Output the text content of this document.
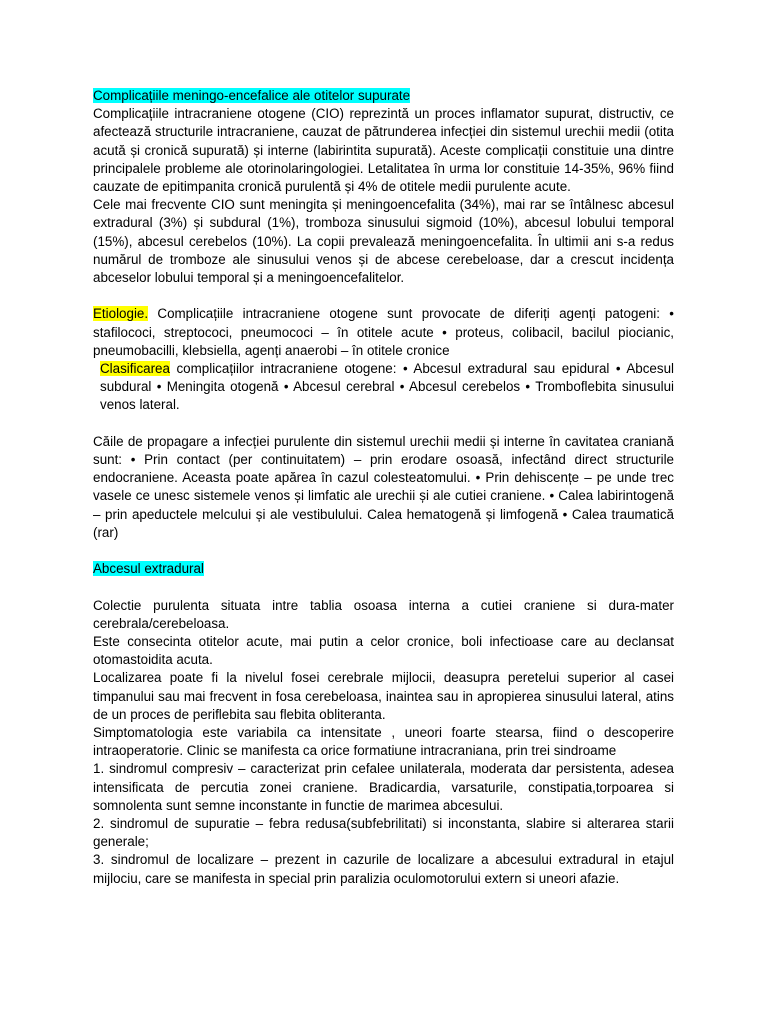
Complicațiile meningo-encefalice ale otitelor supurate

Complicațiile intracraniene otogene (CIO) reprezintă un proces inflamator supurat, distructiv, ce afectează structurile intracraniene, cauzat de pătrunderea infecției din sistemul urechii medii (otita acută și cronică supurată) și interne (labirintita supurată). Aceste complicații constituie una dintre principalele probleme ale otorinolaringologiei. Letalitatea în urma lor constituie 14-35%, 96% fiind cauzate de epitimpanita cronică purulentă și 4% de otitele medii purulente acute.

Cele mai frecvente CIO sunt meningita și meningoencefalita (34%), mai rar se întâlnesc abcesul extradural (3%) și subdural (1%), tromboza sinusului sigmoid (10%), abcesul lobului temporal (15%), abcesul cerebelos (10%). La copii prevalează meningoencefalita. În ultimii ani s-a redus numărul de tromboze ale sinusului venos și de abcese cerebeloase, dar a crescut incidența abceselor lobului temporal și a meningoencefalitelor.

Etiologie. Complicațiile intracraniene otogene sunt provocate de diferiți agenți patogeni: • stafilococi, streptococi, pneumococi – în otitele acute • proteus, colibacil, bacilul piocianic, pneumobacilli, klebsiella, agenți anaerobi – în otitele cronice

Clasificarea complicațiilor intracraniene otogene: • Abcesul extradural sau epidural • Abcesul subdural • Meningita otogenă • Abcesul cerebral • Abcesul cerebelos • Tromboflebita sinusului venos lateral.

Căile de propagare a infecției purulente din sistemul urechii medii și interne în cavitatea craniană sunt: • Prin contact (per continuitatem) – prin erodare osoasă, infectând direct structurile endocraniene. Aceasta poate apărea în cazul colesteatomului. • Prin dehiscențe – pe unde trec vasele ce unesc sistemele venos și limfatic ale urechii și ale cutiei craniene. • Calea labirintogenă – prin apeductele melcului și ale vestibulului. Calea hematogenă și limfogenă • Calea traumatică (rar)

Abcesul extradural

Colectie purulenta situata intre tablia osoasa interna a cutiei craniene si dura-mater cerebrala/cerebeloasa.

Este consecinta otitelor acute, mai putin a celor cronice, boli infectioase care au declansat otomastoidita acuta.

Localizarea poate fi la nivelul fosei cerebrale mijlocii, deasupra peretelui superior al casei timpanului sau mai frecvent in fosa cerebeloasa, inaintea sau in apropierea sinusului lateral, atins de un proces de periflebita sau flebita obliteranta.

Simptomatologia este variabila ca intensitate , uneori foarte stearsa, fiind o descoperire intraoperatorie. Clinic se manifesta ca orice formatiune intracraniana, prin trei sindroame

1. sindromul compresiv – caracterizat prin cefalee unilaterala, moderata dar persistenta, adesea intensificata de percutia zonei craniene. Bradicardia, varsaturile, constipatia,torpoarea si somnolenta sunt semne inconstante in functie de marimea abcesului.

2. sindromul de supuratie – febra redusa(subfebrilitati) si inconstanta, slabire si alterarea starii generale;

3. sindromul de localizare – prezent in cazurile de localizare a abcesului extradural in etajul mijlociu, care se manifesta in special prin paralizia oculomotorului extern si uneori afazie.
